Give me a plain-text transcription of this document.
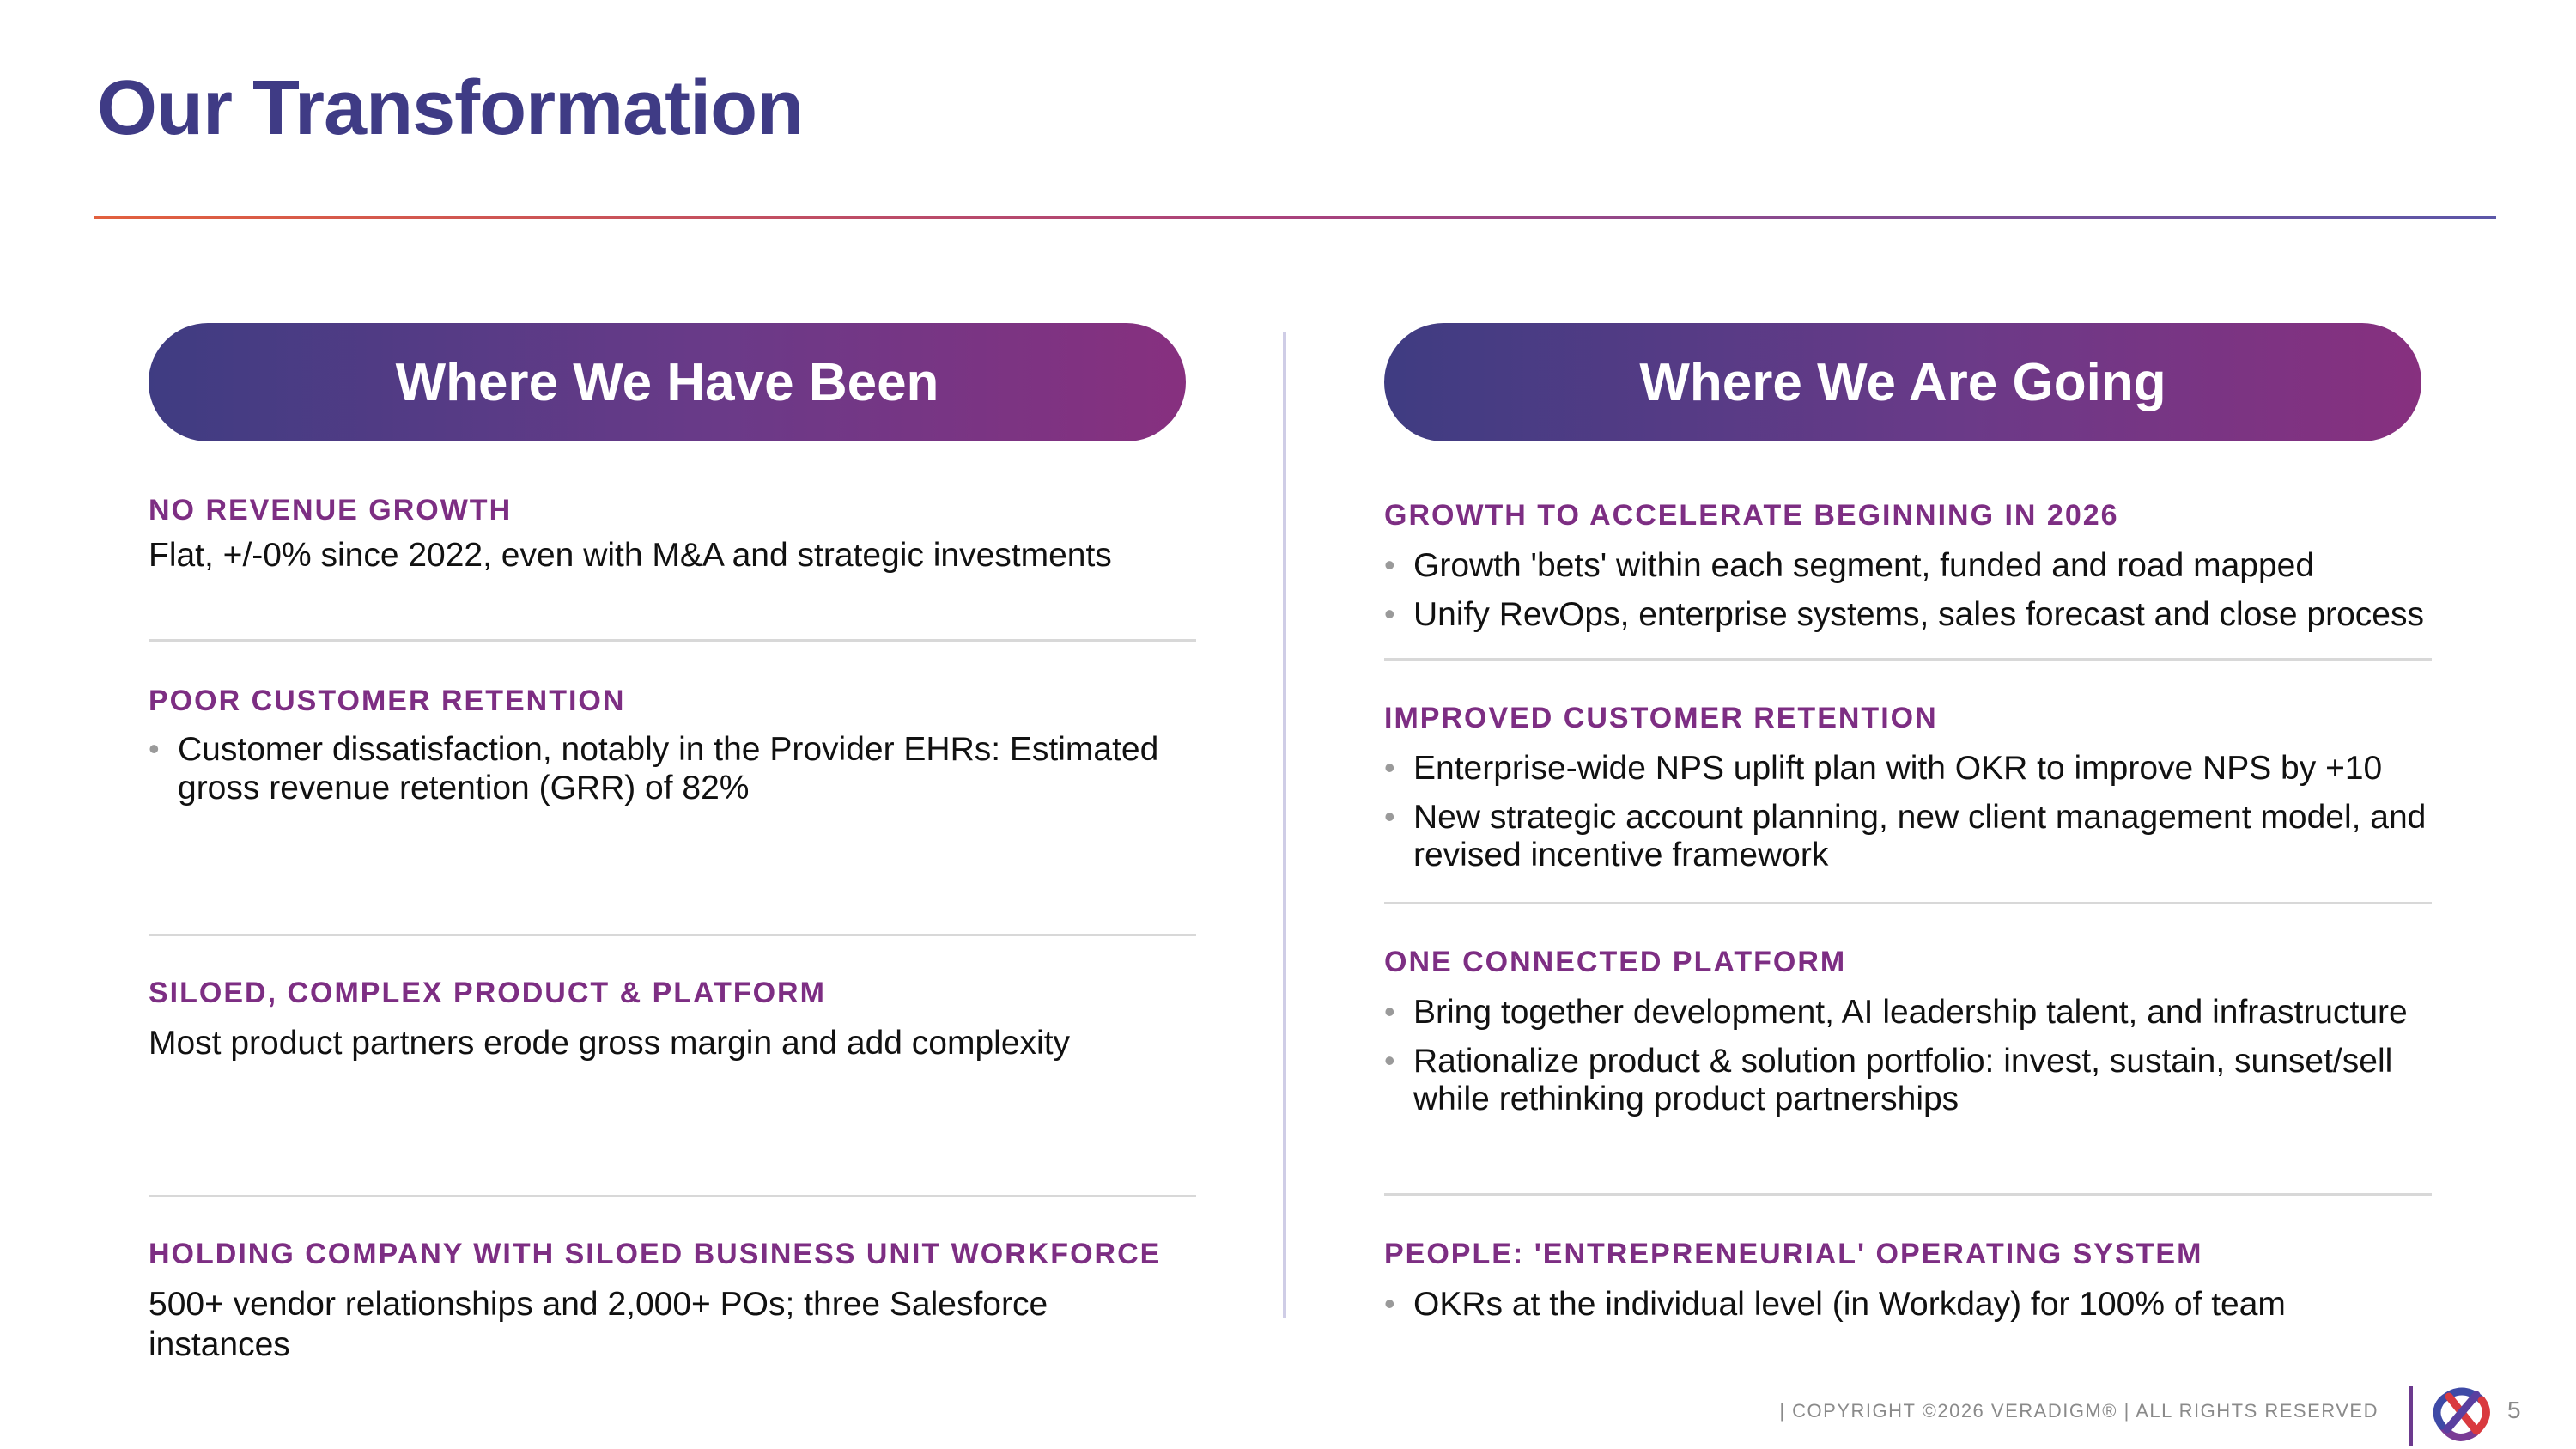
Our Transformation
Where We Have Been
NO REVENUE GROWTH
Flat, +/-0% since 2022, even with M&A and strategic investments
POOR CUSTOMER RETENTION
• Customer dissatisfaction, notably in the Provider EHRs: Estimated gross revenue retention (GRR) of 82%
SILOED, COMPLEX PRODUCT & PLATFORM
Most product partners erode gross margin and add complexity
HOLDING COMPANY WITH SILOED BUSINESS UNIT WORKFORCE
500+ vendor relationships and 2,000+ POs; three Salesforce instances
Where We Are Going
GROWTH TO ACCELERATE BEGINNING IN 2026
• Growth 'bets' within each segment, funded and road mapped
• Unify RevOps, enterprise systems, sales forecast and close process
IMPROVED CUSTOMER RETENTION
• Enterprise-wide NPS uplift plan with OKR to improve NPS by +10
• New strategic account planning, new client management model, and revised incentive framework
ONE CONNECTED PLATFORM
• Bring together development, AI leadership talent, and infrastructure
• Rationalize product & solution portfolio: invest, sustain, sunset/sell while rethinking product partnerships
PEOPLE: 'ENTREPRENEURIAL' OPERATING SYSTEM
• OKRs at the individual level (in Workday) for 100% of team
| COPYRIGHT ©2026 VERADIGM® | ALL RIGHTS RESERVED	5
